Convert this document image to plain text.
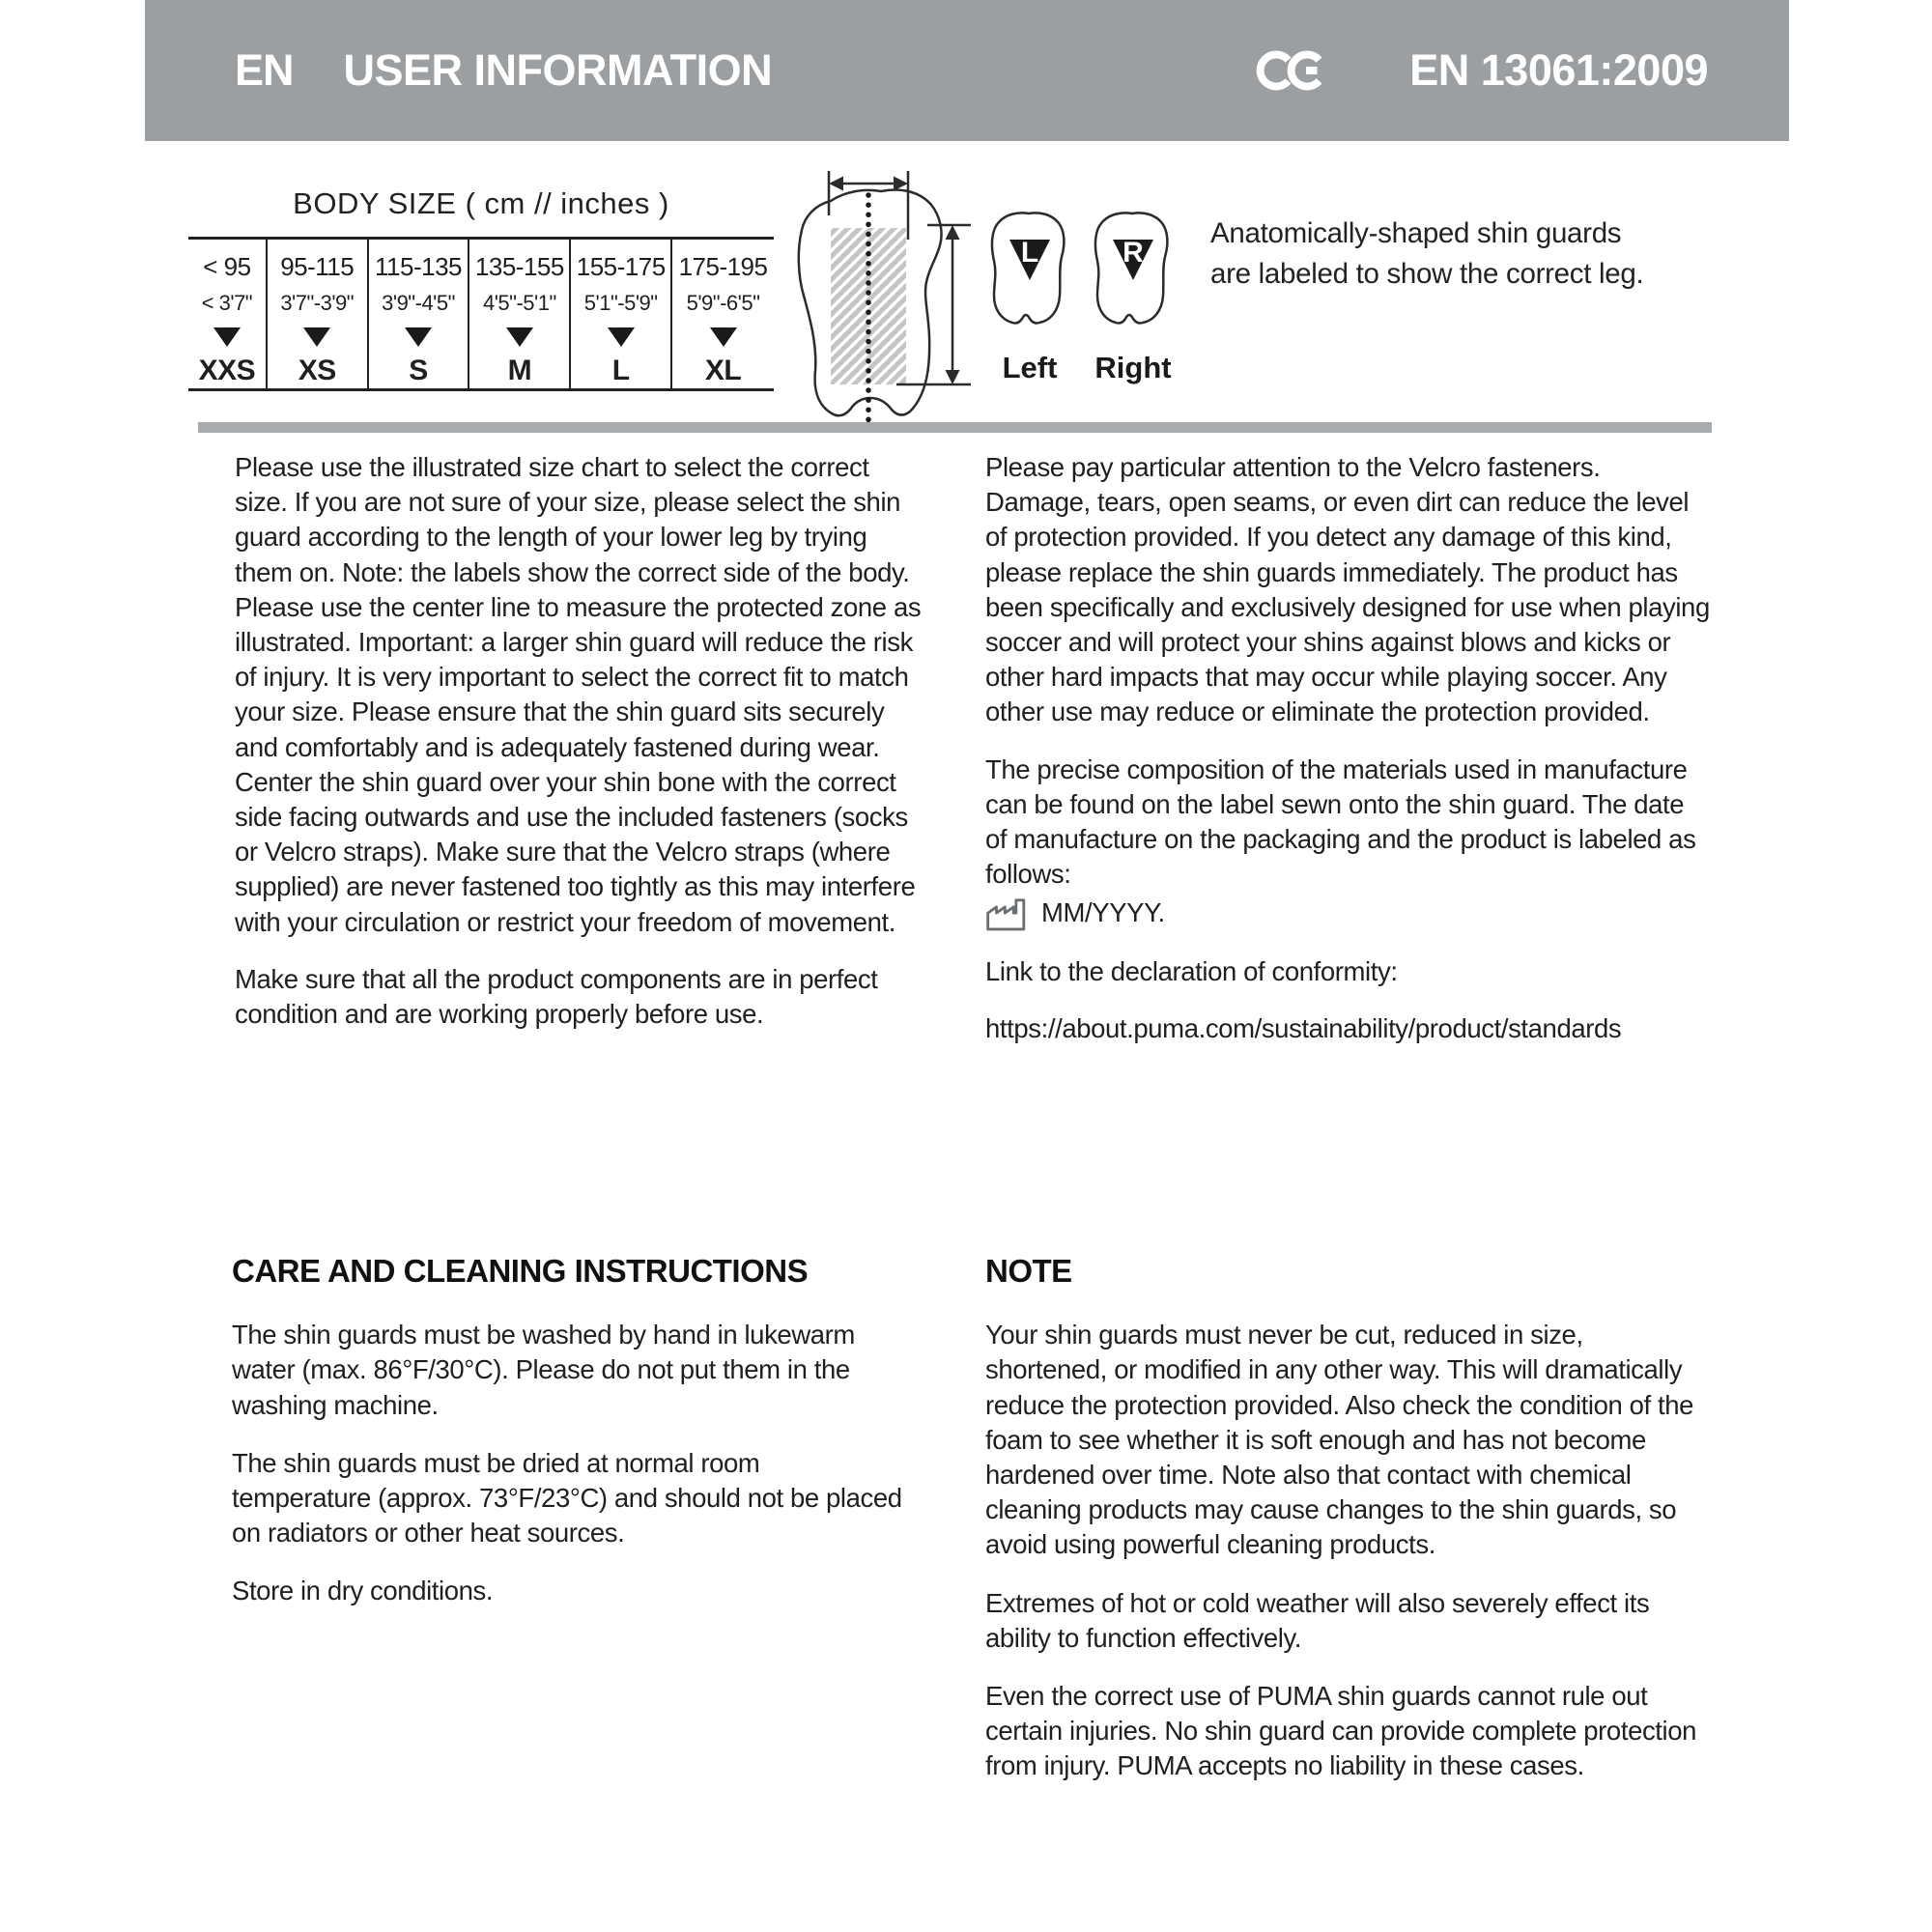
EN USER INFORMATION	EN 13061:2009
BODY SIZE ( cm // inches )
< 95
< 3'7"
XXS
95-115
3'7"-3'9"
XS
115-135
3'9"-4'5"
S
135-155
4'5"-5'1"
M
155-175
5'1"-5'9"
L
175-195
5'9"-6'5"
XL
L
Left
R
Right
Anatomically-shaped shin guards
are labeled to show the correct leg.

Please use the illustrated size chart to select the correct size. If you are not sure of your size, please select the shin guard according to the length of your lower leg by trying them on. Note: the labels show the correct side of the body. Please use the center line to measure the protected zone as illustrated. Important: a larger shin guard will reduce the risk of injury. It is very important to select the correct fit to match your size. Please ensure that the shin guard sits securely and comfortably and is adequately fastened during wear. Center the shin guard over your shin bone with the correct side facing outwards and use the included fasteners (socks or Velcro straps). Make sure that the Velcro straps (where supplied) are never fastened too tightly as this may interfere with your circulation or restrict your freedom of movement.

Make sure that all the product components are in perfect condition and are working properly before use.

Please pay particular attention to the Velcro fasteners. Damage, tears, open seams, or even dirt can reduce the level of protection provided. If you detect any damage of this kind, please replace the shin guards immediately. The product has been specifically and exclusively designed for use when playing soccer and will protect your shins against blows and kicks or other hard impacts that may occur while playing soccer. Any other use may reduce or eliminate the protection provided.

The precise composition of the materials used in manufacture can be found on the label sewn onto the shin guard. The date of manufacture on the packaging and the product is labeled as follows:

MM/YYYY.

Link to the declaration of conformity:

https://about.puma.com/sustainability/product/standards

CARE AND CLEANING INSTRUCTIONS

The shin guards must be washed by hand in lukewarm water (max. 86°F/30°C). Please do not put them in the washing machine.

The shin guards must be dried at normal room temperature (approx. 73°F/23°C) and should not be placed on radiators or other heat sources.

Store in dry conditions.

NOTE

Your shin guards must never be cut, reduced in size, shortened, or modified in any other way. This will dramatically reduce the protection provided. Also check the condition of the foam to see whether it is soft enough and has not become hardened over time. Note also that contact with chemical cleaning products may cause changes to the shin guards, so avoid using powerful cleaning products.

Extremes of hot or cold weather will also severely effect its ability to function effectively.

Even the correct use of PUMA shin guards cannot rule out certain injuries. No shin guard can provide complete protection from injury. PUMA accepts no liability in these cases.
